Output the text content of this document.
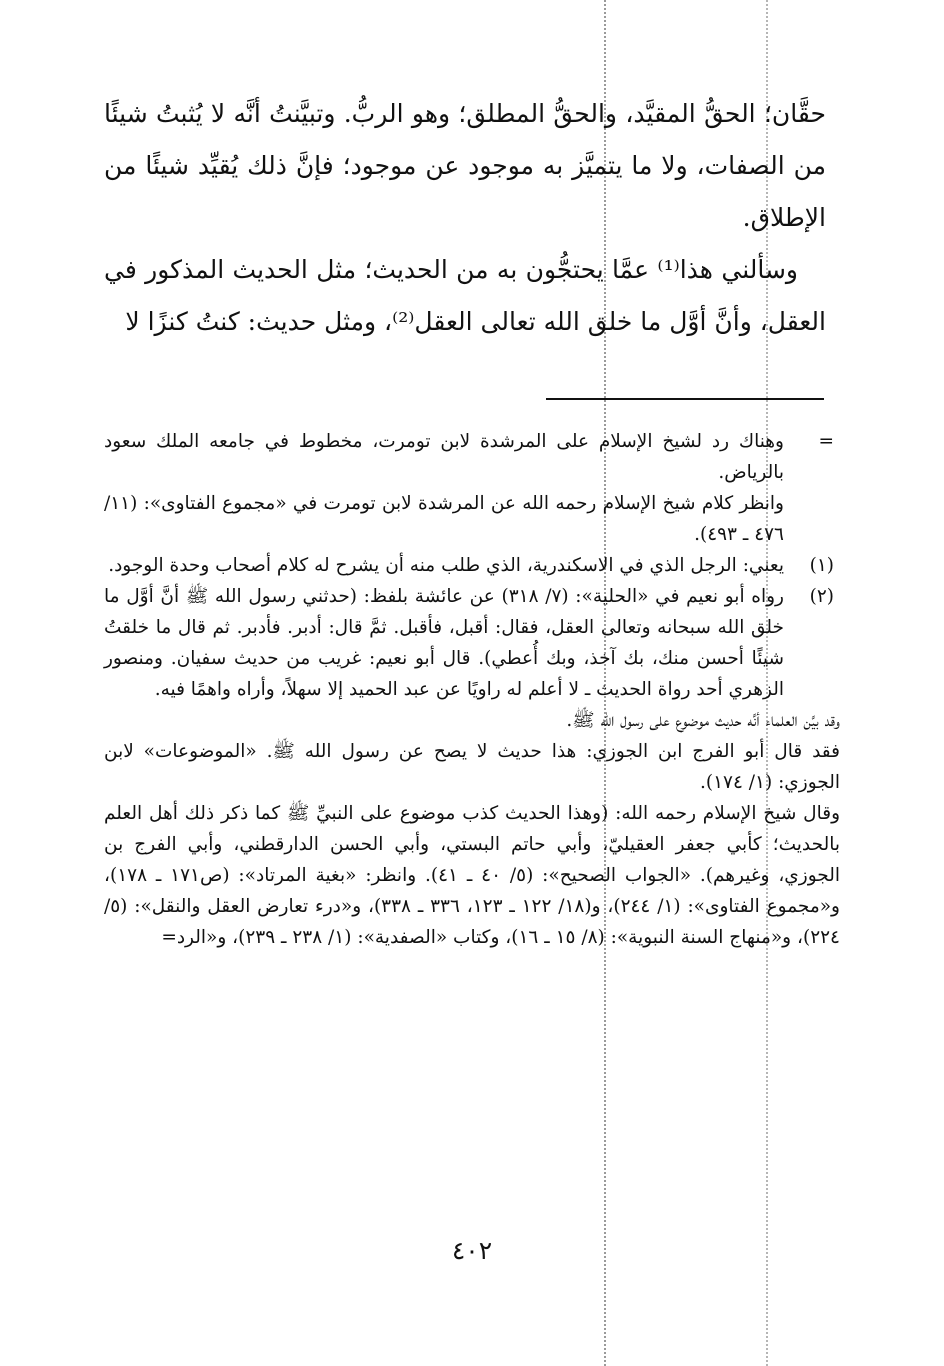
حقَّان؛ الحقُّ المقيَّد، والحقُّ المطلق؛ وهو الربُّ. وتبيَّنتُ أنَّه لا يُثبتُ شيئًا من الصفات، ولا ما يتميَّز به موجود عن موجود؛ فإنَّ ذلك يُقيِّد شيئًا من الإطلاق.

وسألني هذا⁽¹⁾ عمَّا يحتجُّون به من الحديث؛ مثل الحديث المذكور في العقل، وأنَّ أوَّل ما خلق الله تعالى العقل⁽²⁾، ومثل حديث: كنتُ كنزًا لا

=

وهناك رد لشيخ الإسلام على المرشدة لابن تومرت، مخطوط في جامعه الملك سعود بالرياض.

وانظر كلام شيخ الإسلام رحمه الله عن المرشدة لابن تومرت في «مجموع الفتاوى»: (١١/ ٤٧٦ ـ ٤٩٣).

(١)

يعني: الرجل الذي في الاسكندرية، الذي طلب منه أن يشرح له كلام أصحاب وحدة الوجود.

(٢)

رواه أبو نعيم في «الحلية»: (٧/ ٣١٨) عن عائشة بلفظ: (حدثني رسول الله ﷺ أنَّ أوَّل ما خلق الله سبحانه وتعالى العقل، فقال: أقبل، فأقبل. ثمَّ قال: أدبر. فأدبر. ثم قال ما خلقتُ شيئًا أحسن منك، بك آخذ، وبك أُعطي). قال أبو نعيم: غريب من حديث سفيان. ومنصور الزهري أحد رواة الحديث ـ لا أعلم له راويًا عن عبد الحميد إلا سهلاً، وأراه واهمًا فيه.

وقد بيَّن العلماء أنَّه حديث موضوع على رسول الله ﷺ.

فقد قال أبو الفرج ابن الجوزي: هذا حديث لا يصح عن رسول الله ﷺ. «الموضوعات» لابن الجوزي: (١/ ١٧٤).

وقال شيخ الإسلام رحمه الله: (وهذا الحديث كذب موضوع على النبيِّ ﷺ كما ذكر ذلك أهل العلم بالحديث؛ كأبي جعفر العقيليّ، وأبي حاتم البستي، وأبي الحسن الدارقطني، وأبي الفرج بن الجوزي، وغيرهم). «الجواب الصحيح»: (٥/ ٤٠ ـ ٤١). وانظر: «بغية المرتاد»: (ص١٧١ ـ ١٧٨)، و«مجموع الفتاوى»: (١/ ٢٤٤)، و(١٨/ ١٢٢ ـ ١٢٣، ٣٣٦ ـ ٣٣٨)، و«درء تعارض العقل والنقل»: (٥/ ٢٢٤)، و«منهاج السنة النبوية»: (٨/ ١٥ ـ ١٦)، وكتاب «الصفدية»: (١/ ٢٣٨ ـ ٢٣٩)، و«الرد=

٤٠٢
